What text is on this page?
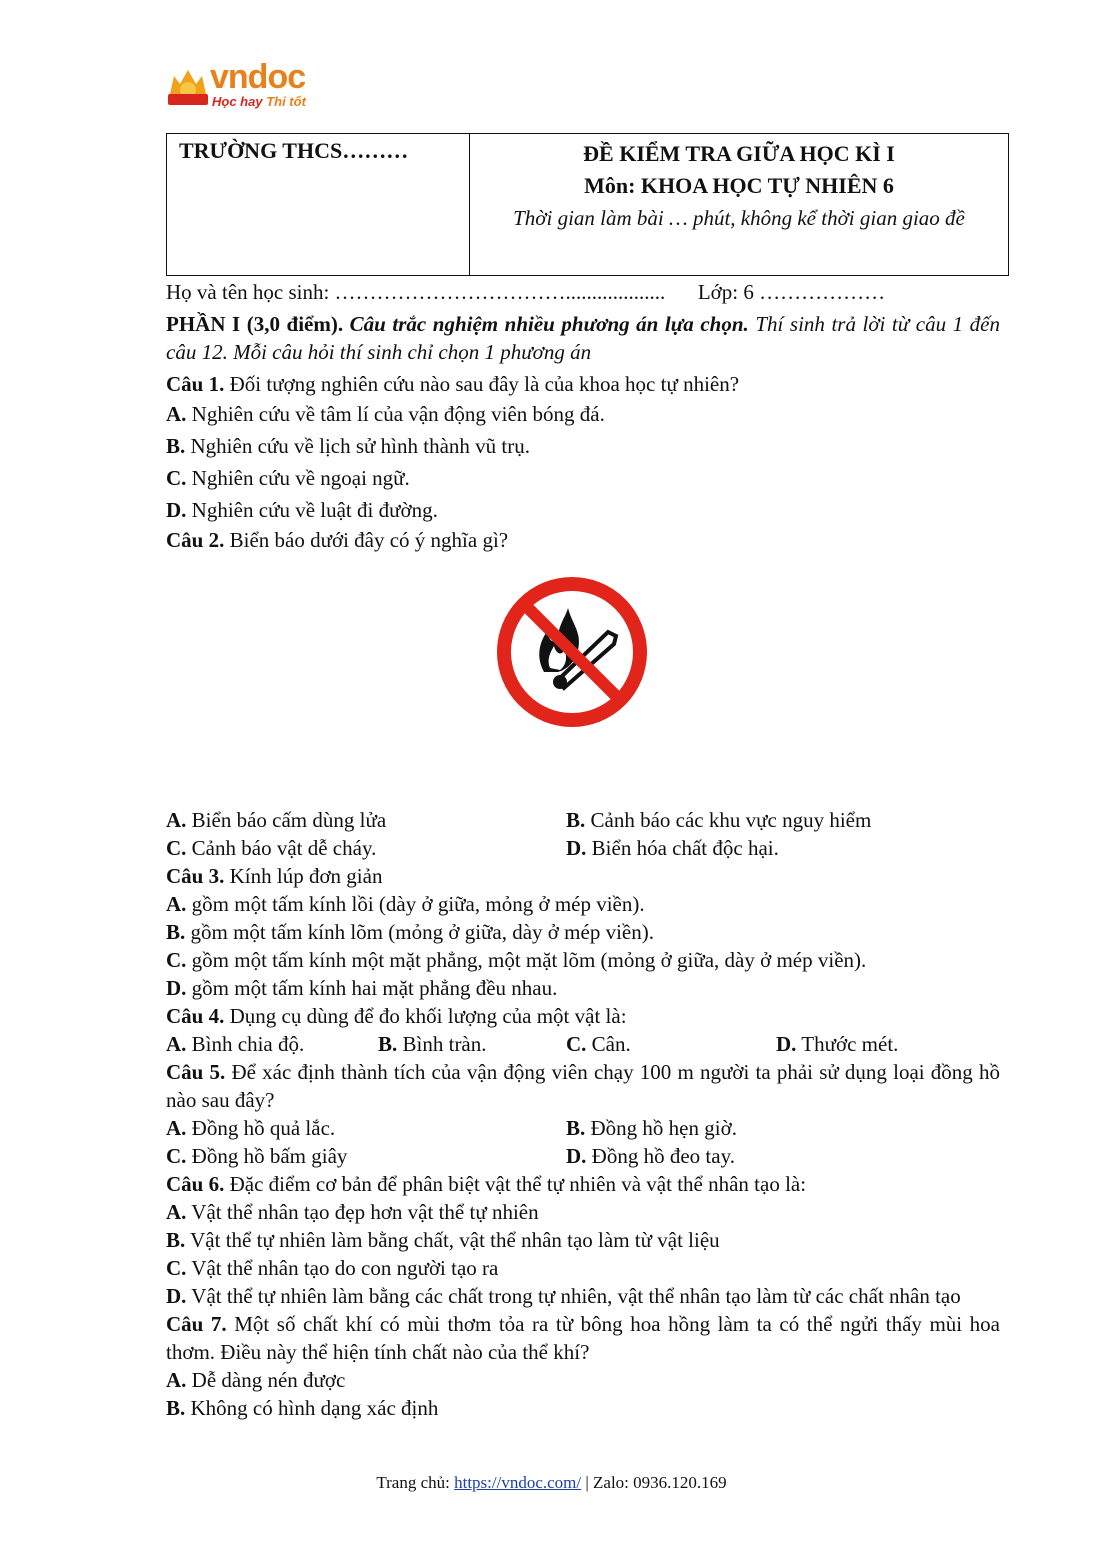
vndoc
Học hay Thi tốt
TRƯỜNG THCS………	ĐỀ KIỂM TRA GIỮA HỌC KÌ I
Môn: KHOA HỌC TỰ NHIÊN 6
Thời gian làm bài … phút, không kể thời gian giao đề
Họ và tên học sinh: ……………………………................... Lớp: 6 ………………
PHẦN I (3,0 điểm). Câu trắc nghiệm nhiều phương án lựa chọn. Thí sinh trả lời từ câu 1 đến câu 12. Mỗi câu hỏi thí sinh chỉ chọn 1 phương án
Câu 1. Đối tượng nghiên cứu nào sau đây là của khoa học tự nhiên?
A. Nghiên cứu về tâm lí của vận động viên bóng đá.
B. Nghiên cứu về lịch sử hình thành vũ trụ.
C. Nghiên cứu về ngoại ngữ.
D. Nghiên cứu về luật đi đường.
Câu 2. Biển báo dưới đây có ý nghĩa gì?
A. Biển báo cấm dùng lửa	B. Cảnh báo các khu vực nguy hiểm
C. Cảnh báo vật dễ cháy.	D. Biển hóa chất độc hại.
Câu 3. Kính lúp đơn giản
A. gồm một tấm kính lồi (dày ở giữa, mỏng ở mép viền).
B. gồm một tấm kính lõm (mỏng ở giữa, dày ở mép viền).
C. gồm một tấm kính một mặt phẳng, một mặt lõm (mỏng ở giữa, dày ở mép viền).
D. gồm một tấm kính hai mặt phẳng đều nhau.
Câu 4. Dụng cụ dùng để đo khối lượng của một vật là:
A. Bình chia độ.	B. Bình tràn.	C. Cân.	D. Thước mét.
Câu 5. Để xác định thành tích của vận động viên chạy 100 m người ta phải sử dụng loại đồng hồ nào sau đây?
A. Đồng hồ quả lắc.	B. Đồng hồ hẹn giờ.
C. Đồng hồ bấm giây	D. Đồng hồ đeo tay.
Câu 6. Đặc điểm cơ bản để phân biệt vật thể tự nhiên và vật thể nhân tạo là:
A. Vật thể nhân tạo đẹp hơn vật thể tự nhiên
B. Vật thể tự nhiên làm bằng chất, vật thể nhân tạo làm từ vật liệu
C. Vật thể nhân tạo do con người tạo ra
D. Vật thể tự nhiên làm bằng các chất trong tự nhiên, vật thể nhân tạo làm từ các chất nhân tạo
Câu 7. Một số chất khí có mùi thơm tỏa ra từ bông hoa hồng làm ta có thể ngửi thấy mùi hoa thơm. Điều này thể hiện tính chất nào của thể khí?
A. Dễ dàng nén được
B. Không có hình dạng xác định
Trang chủ: https://vndoc.com/ | Zalo: 0936.120.169
